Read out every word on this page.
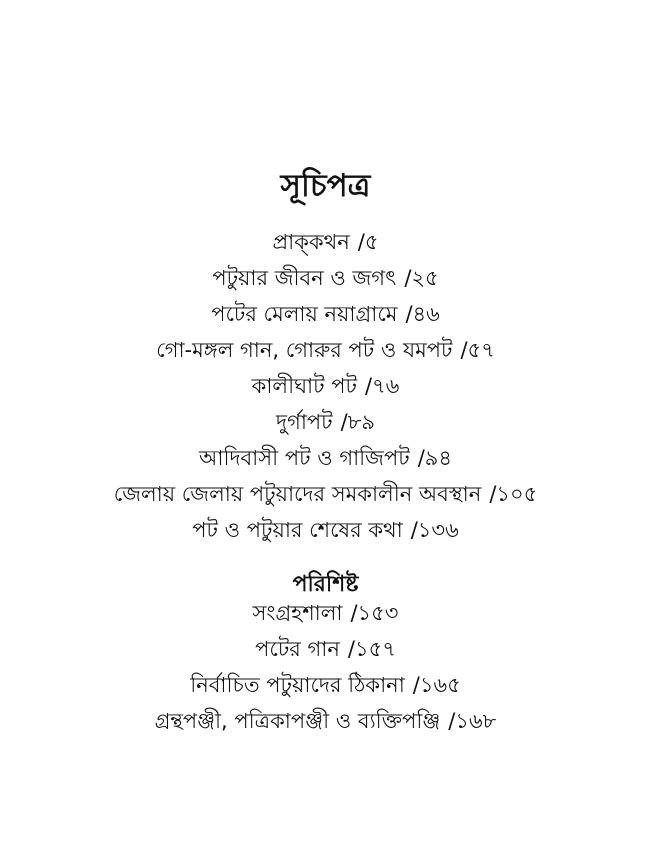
সূচিপত্র
প্রাক্‌কথন /৫
পটুয়ার জীবন ও জগৎ /২৫
পটের মেলায় নয়াগ্রামে /৪৬
গো-মঙ্গল গান, গোরুর পট ও যমপট /৫৭
কালীঘাট পট /৭৬
দুর্গাপট /৮৯
আদিবাসী পট ও গাজিপট /৯৪
জেলায় জেলায় পটুয়াদের সমকালীন অবস্থান /১০৫
পট ও পটুয়ার শেষের কথা /১৩৬
পরিশিষ্ট
সংগ্রহশালা /১৫৩
পটের গান /১৫৭
নির্বাচিত পটুয়াদের ঠিকানা /১৬৫
গ্রন্থপঞ্জী, পত্রিকাপঞ্জী ও ব্যক্তিপঞ্জি /১৬৮
